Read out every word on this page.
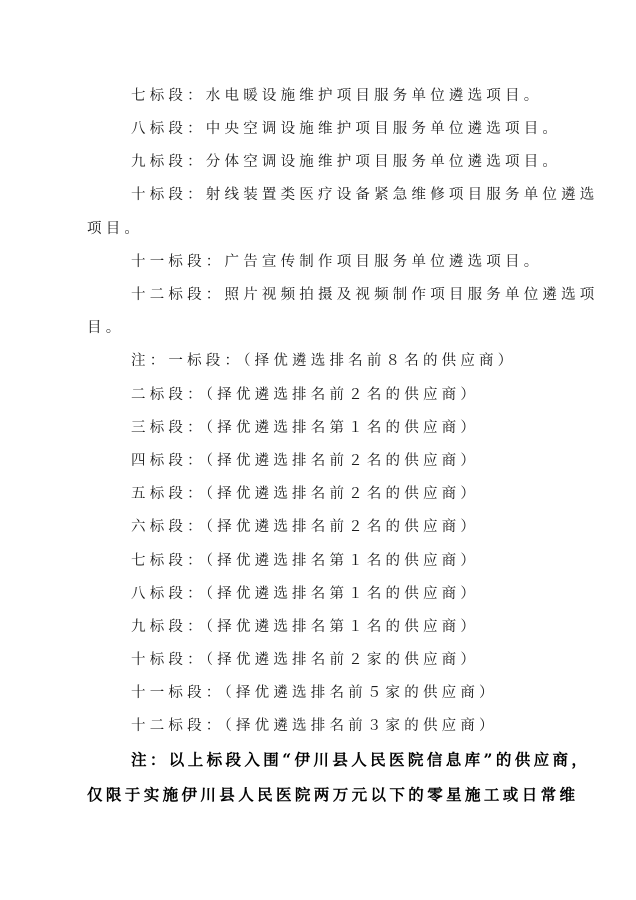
七标段：水电暖设施维护项目服务单位遴选项目。
八标段：中央空调设施维护项目服务单位遴选项目。
九标段：分体空调设施维护项目服务单位遴选项目。
十标段：射线装置类医疗设备紧急维修项目服务单位遴选
项目。
十一标段：广告宣传制作项目服务单位遴选项目。
十二标段：照片视频拍摄及视频制作项目服务单位遴选项
目。
注：一标段：（择优遴选排名前８名的供应商）
二标段：（择优遴选排名前２名的供应商）
三标段：（择优遴选排名第１名的供应商）
四标段：（择优遴选排名前２名的供应商）
五标段：（择优遴选排名前２名的供应商）
六标段：（择优遴选排名前２名的供应商）
七标段：（择优遴选排名第１名的供应商）
八标段：（择优遴选排名第１名的供应商）
九标段：（择优遴选排名第１名的供应商）
十标段：（择优遴选排名前２家的供应商）
十一标段：（择优遴选排名前５家的供应商）
十二标段：（择优遴选排名前３家的供应商）
注：以上标段入围“伊川县人民医院信息库”的供应商，
仅限于实施伊川县人民医院两万元以下的零星施工或日常维
